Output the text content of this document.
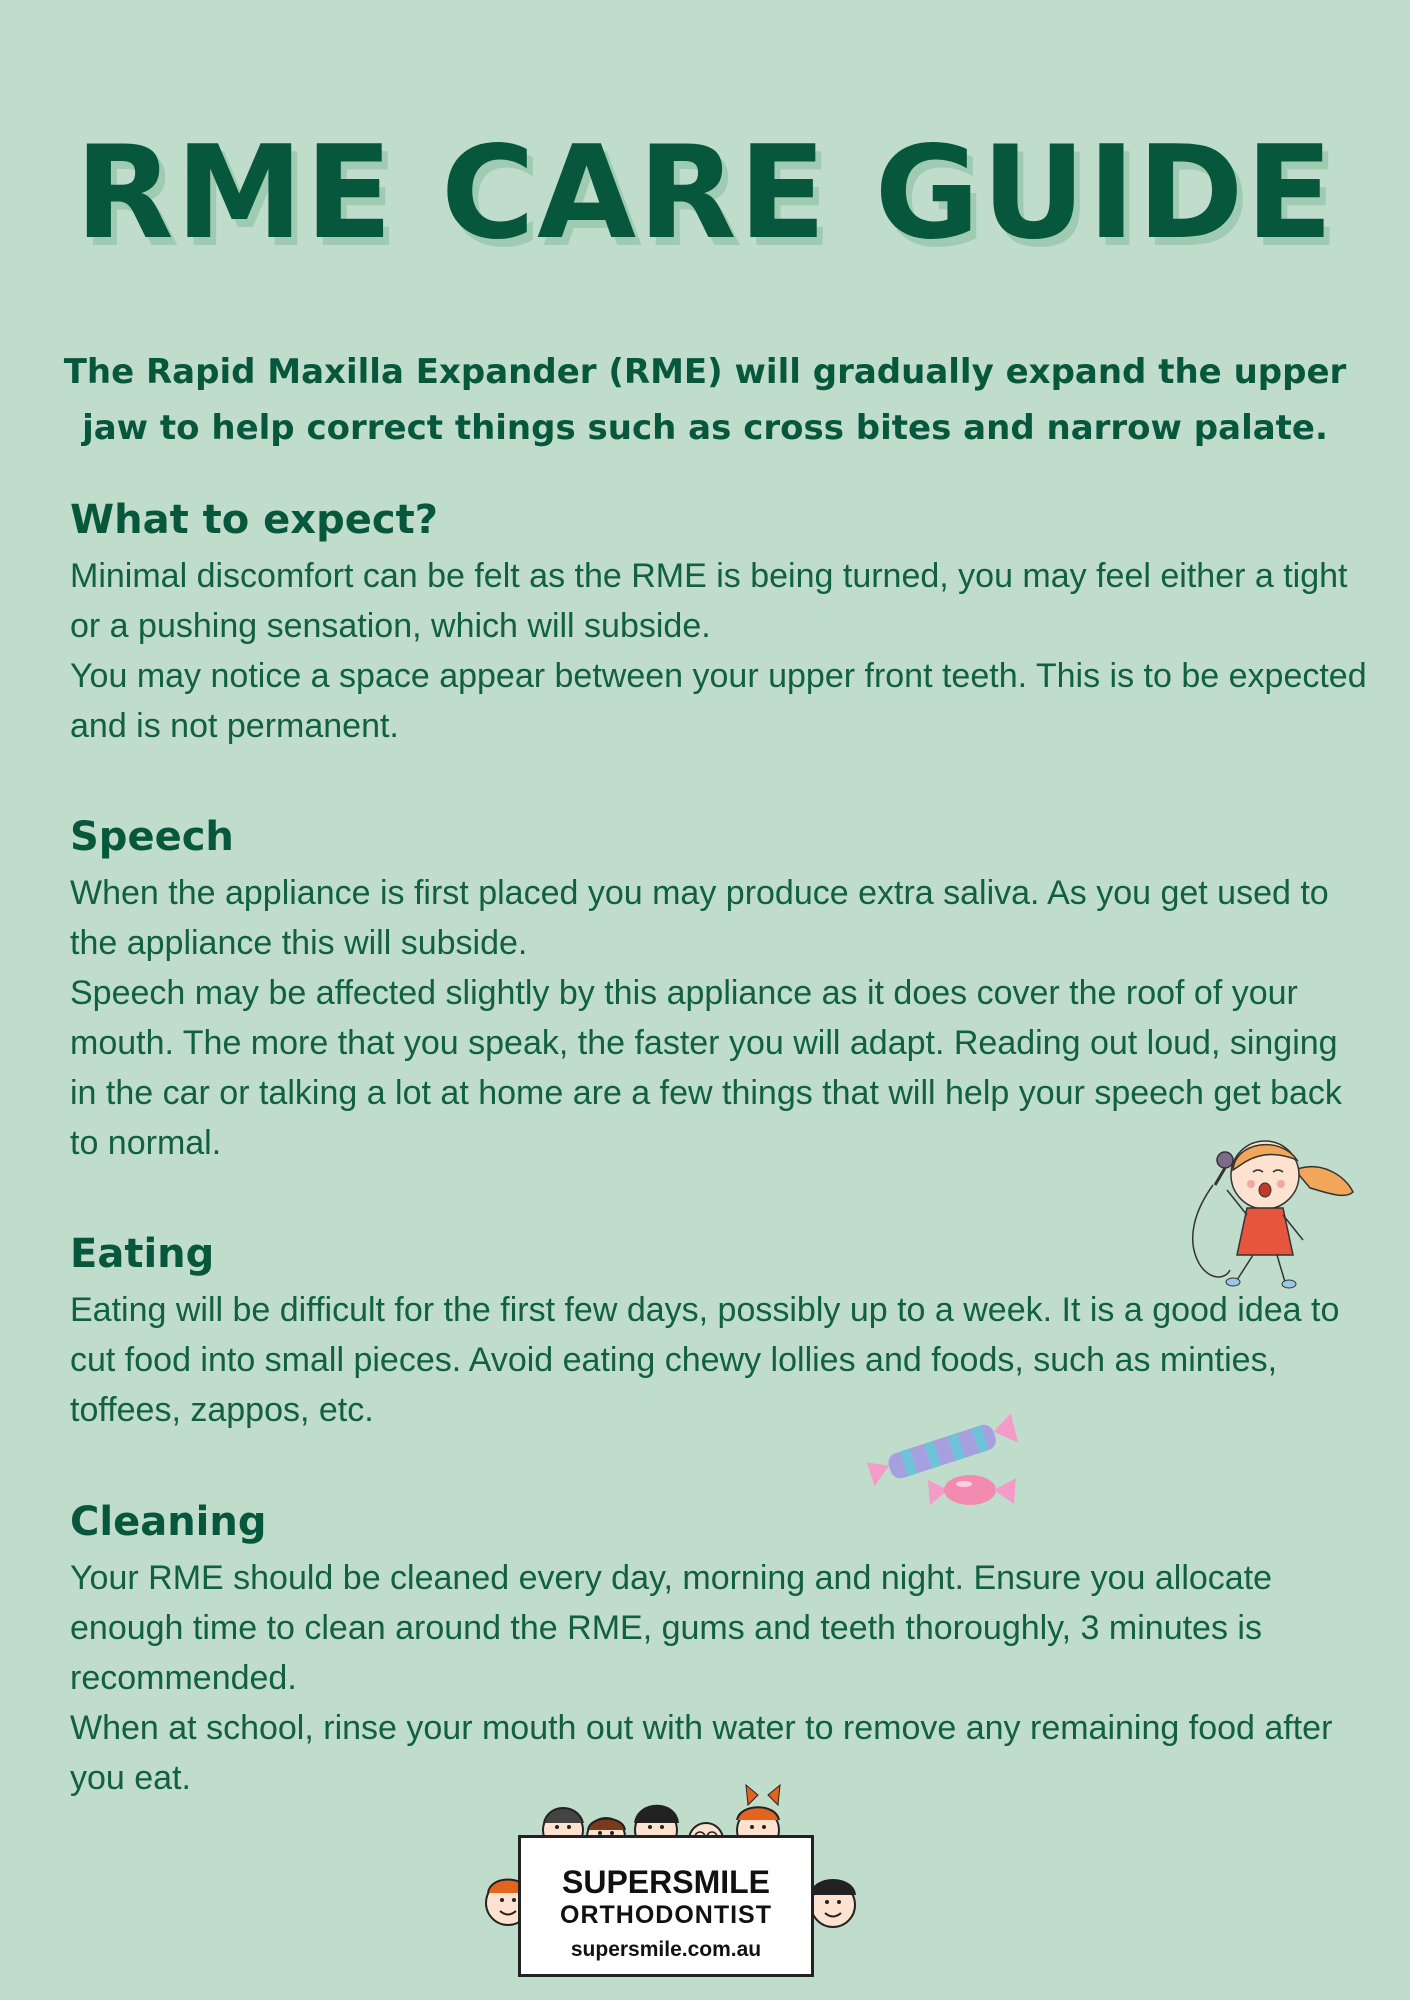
RME CARE GUIDE

The Rapid Maxilla Expander (RME) will gradually expand the upper jaw to help correct things such as cross bites and narrow palate.

What to expect?

Minimal discomfort can be felt as the RME is being turned, you may feel either a tight or a pushing sensation, which will subside.
You may notice a space appear between your upper front teeth. This is to be expected and is not permanent.

Speech

When the appliance is first placed you may produce extra saliva. As you get used to the appliance this will subside.
Speech may be affected slightly by this appliance as it does cover the roof of your mouth. The more that you speak, the faster you will adapt. Reading out loud, singing in the car or talking a lot at home are a few things that will help your speech get back to normal.

Eating

Eating will be difficult for the first few days, possibly up to a week. It is a good idea to cut food into small pieces. Avoid eating chewy lollies and foods, such as minties, toffees, zappos, etc.

Cleaning

Your RME should be cleaned every day, morning and night. Ensure you allocate enough time to clean around the RME, gums and teeth thoroughly, 3 minutes is recommended.
When at school, rinse your mouth out with water to remove any remaining food after you eat.

SUPERSMILE
ORTHODONTIST
supersmile.com.au
